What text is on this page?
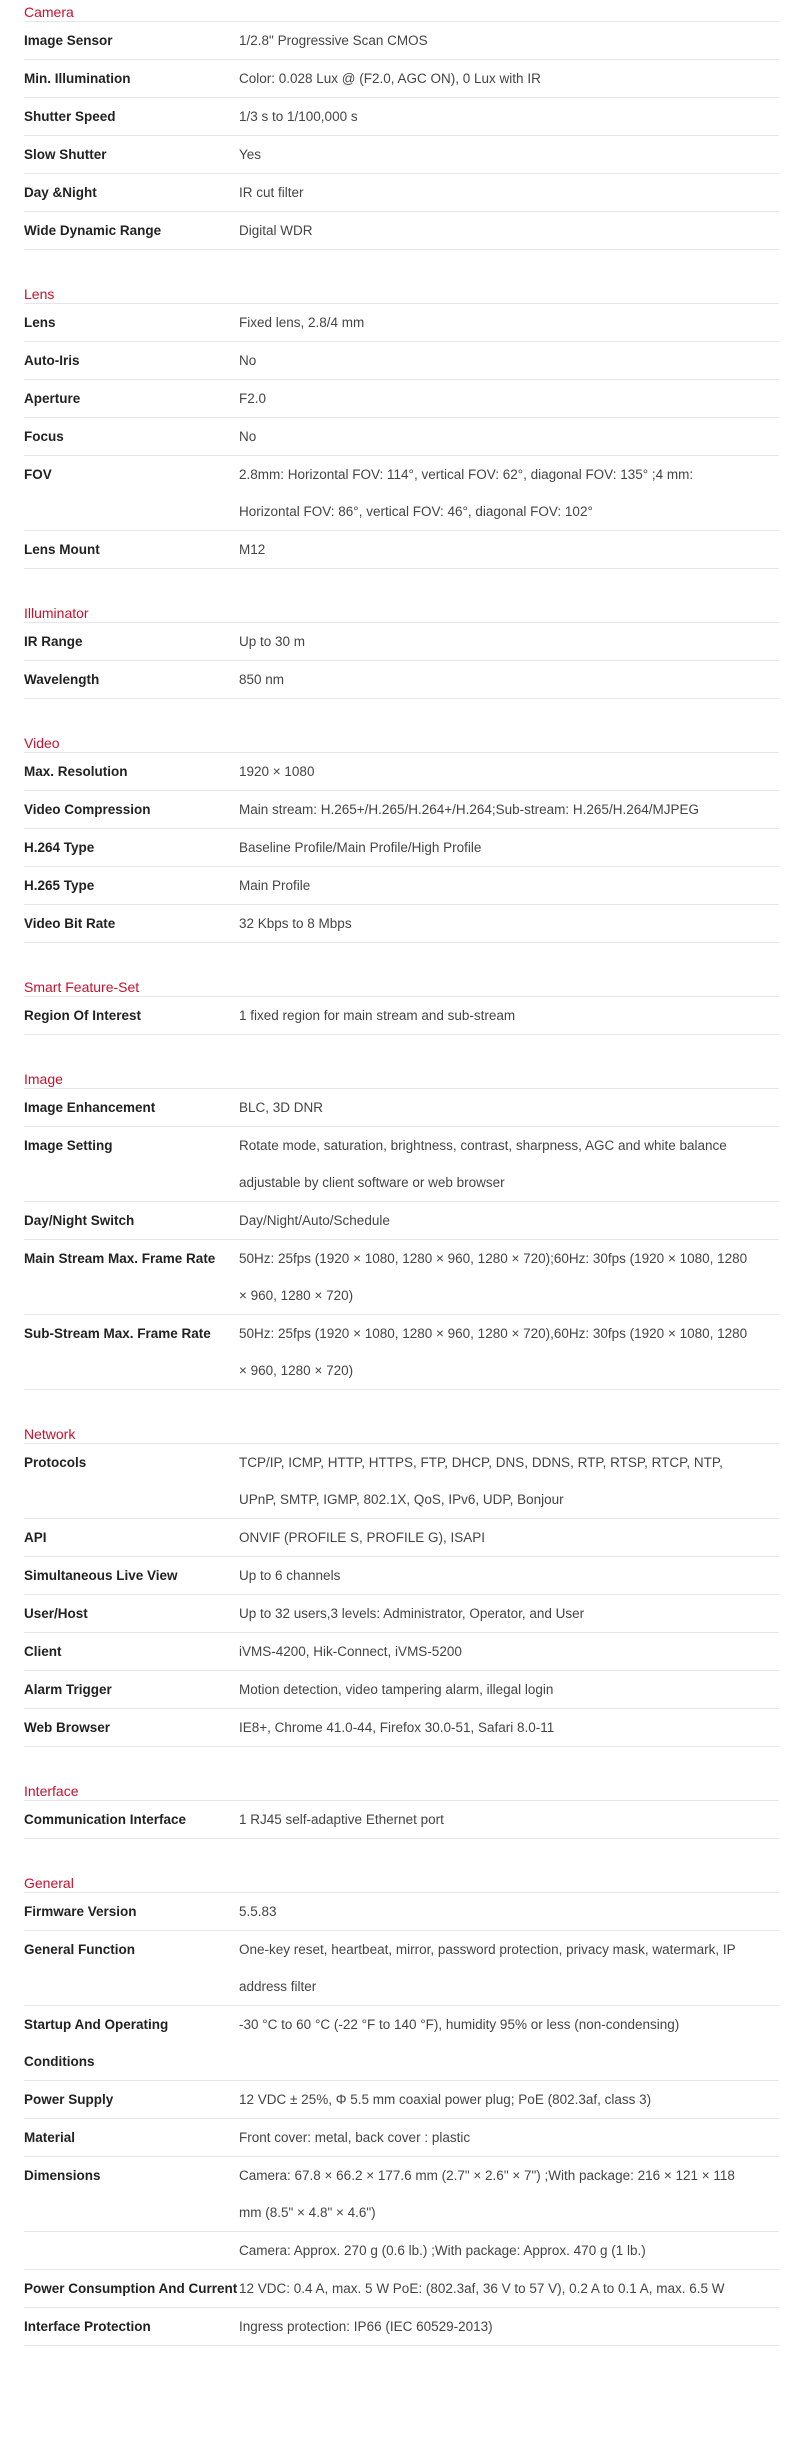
Camera
Image Sensor	1/2.8" Progressive Scan CMOS
Min. Illumination	Color: 0.028 Lux @ (F2.0, AGC ON), 0 Lux with IR
Shutter Speed	1/3 s to 1/100,000 s
Slow Shutter	Yes
Day &Night	IR cut filter
Wide Dynamic Range	Digital WDR
Lens
Lens	Fixed lens, 2.8/4 mm
Auto-Iris	No
Aperture	F2.0
Focus	No
FOV	2.8mm: Horizontal FOV: 114°, vertical FOV: 62°, diagonal FOV: 135° ;4 mm: Horizontal FOV: 86°, vertical FOV: 46°, diagonal FOV: 102°
Lens Mount	M12
Illuminator
IR Range	Up to 30 m
Wavelength	850 nm
Video
Max. Resolution	1920 × 1080
Video Compression	Main stream: H.265+/H.265/H.264+/H.264;Sub-stream: H.265/H.264/MJPEG
H.264 Type	Baseline Profile/Main Profile/High Profile
H.265 Type	Main Profile
Video Bit Rate	32 Kbps to 8 Mbps
Smart Feature-Set
Region Of Interest	1 fixed region for main stream and sub-stream
Image
Image Enhancement	BLC, 3D DNR
Image Setting	Rotate mode, saturation, brightness, contrast, sharpness, AGC and white balance adjustable by client software or web browser
Day/Night Switch	Day/Night/Auto/Schedule
Main Stream Max. Frame Rate	50Hz: 25fps (1920 × 1080, 1280 × 960, 1280 × 720);60Hz: 30fps (1920 × 1080, 1280 × 960, 1280 × 720)
Sub-Stream Max. Frame Rate	50Hz: 25fps (1920 × 1080, 1280 × 960, 1280 × 720),60Hz: 30fps (1920 × 1080, 1280 × 960, 1280 × 720)
Network
Protocols	TCP/IP, ICMP, HTTP, HTTPS, FTP, DHCP, DNS, DDNS, RTP, RTSP, RTCP, NTP, UPnP, SMTP, IGMP, 802.1X, QoS, IPv6, UDP, Bonjour
API	ONVIF (PROFILE S, PROFILE G), ISAPI
Simultaneous Live View	Up to 6 channels
User/Host	Up to 32 users,3 levels: Administrator, Operator, and User
Client	iVMS-4200, Hik-Connect, iVMS-5200
Alarm Trigger	Motion detection, video tampering alarm, illegal login
Web Browser	IE8+, Chrome 41.0-44, Firefox 30.0-51, Safari 8.0-11
Interface
Communication Interface	1 RJ45 self-adaptive Ethernet port
General
Firmware Version	5.5.83
General Function	One-key reset, heartbeat, mirror, password protection, privacy mask, watermark, IP address filter
Startup And Operating Conditions	-30 °C to 60 °C (-22 °F to 140 °F), humidity 95% or less (non-condensing)
Power Supply	12 VDC ± 25%, Φ 5.5 mm coaxial power plug; PoE (802.3af, class 3)
Material	Front cover: metal, back cover : plastic
Dimensions	Camera: 67.8 × 66.2 × 177.6 mm (2.7" × 2.6" × 7") ;With package: 216 × 121 × 118 mm (8.5" × 4.8" × 4.6")
	Camera: Approx. 270 g (0.6 lb.) ;With package: Approx. 470 g (1 lb.)
Power Consumption And Current	12 VDC: 0.4 A, max. 5 W PoE: (802.3af, 36 V to 57 V), 0.2 A to 0.1 A, max. 6.5 W
Interface Protection	Ingress protection: IP66 (IEC 60529-2013)
